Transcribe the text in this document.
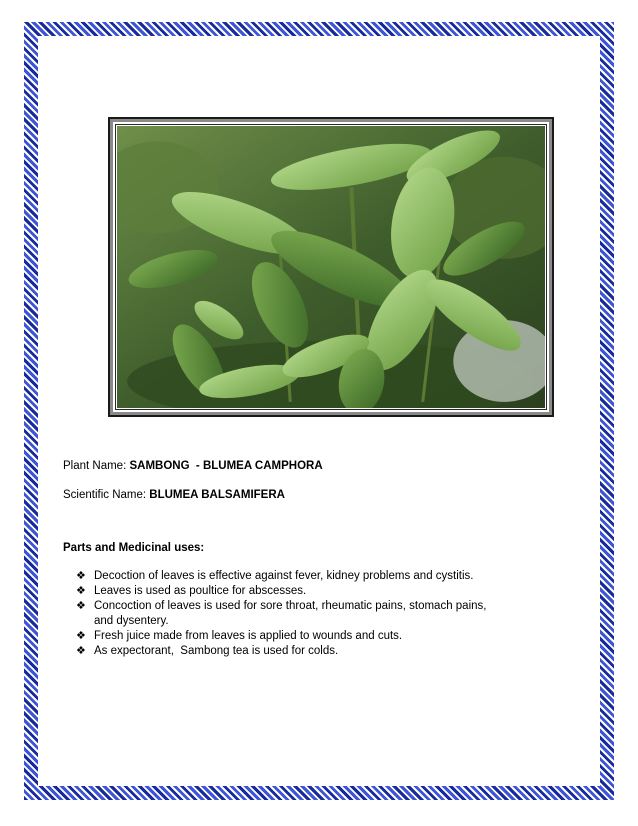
Plant Name: SAMBONG  - BLUMEA CAMPHORA
Scientific Name: BLUMEA BALSAMIFERA
Parts and Medicinal uses:
❖ Decoction of leaves is effective against fever, kidney problems and cystitis.
❖ Leaves is used as poultice for abscesses.
❖ Concoction of leaves is used for sore throat, rheumatic pains, stomach pains,
and dysentery.
❖ Fresh juice made from leaves is applied to wounds and cuts.
❖ As expectorant,  Sambong tea is used for colds.
